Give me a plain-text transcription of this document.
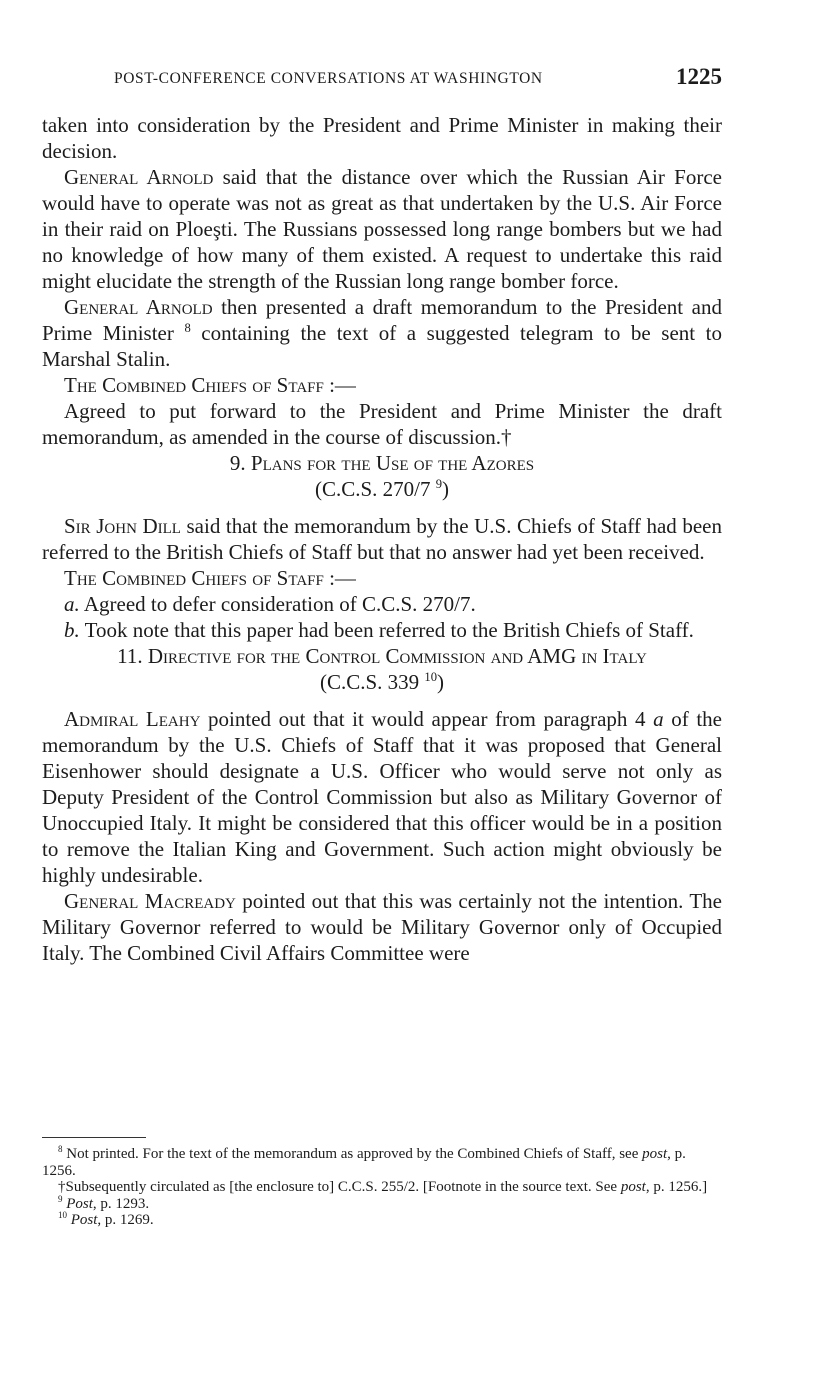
POST-CONFERENCE CONVERSATIONS AT WASHINGTON	1225

taken into consideration by the President and Prime Minister in making their decision.

General Arnold said that the distance over which the Russian Air Force would have to operate was not as great as that undertaken by the U.S. Air Force in their raid on Ploeşti. The Russians possessed long range bombers but we had no knowledge of how many of them existed. A request to undertake this raid might elucidate the strength of the Russian long range bomber force.

General Arnold then presented a draft memorandum to the President and Prime Minister $^8$ containing the text of a suggested telegram to be sent to Marshal Stalin.

The Combined Chiefs of Staff :—

Agreed to put forward to the President and Prime Minister the draft memorandum, as amended in the course of discussion.†

9. Plans for the Use of the Azores

(C.C.S. 270/7 $^9$)

Sir John Dill said that the memorandum by the U.S. Chiefs of Staff had been referred to the British Chiefs of Staff but that no answer had yet been received.

The Combined Chiefs of Staff :—

a. Agreed to defer consideration of C.C.S. 270/7.

b. Took note that this paper had been referred to the British Chiefs of Staff.

11. Directive for the Control Commission and AMG in Italy

(C.C.S. 339 $^{10}$)

Admiral Leahy pointed out that it would appear from paragraph 4 a of the memorandum by the U.S. Chiefs of Staff that it was proposed that General Eisenhower should designate a U.S. Officer who would serve not only as Deputy President of the Control Commission but also as Military Governor of Unoccupied Italy. It might be considered that this officer would be in a position to remove the Italian King and Government. Such action might obviously be highly undesirable.

General Macready pointed out that this was certainly not the intention. The Military Governor referred to would be Military Governor only of Occupied Italy. The Combined Civil Affairs Committee were

$^8$ Not printed. For the text of the memorandum as approved by the Combined Chiefs of Staff, see post, p. 1256.

†Subsequently circulated as [the enclosure to] C.C.S. 255/2. [Footnote in the source text. See post, p. 1256.]

$^9$ Post, p. 1293.

$^{10}$ Post, p. 1269.
